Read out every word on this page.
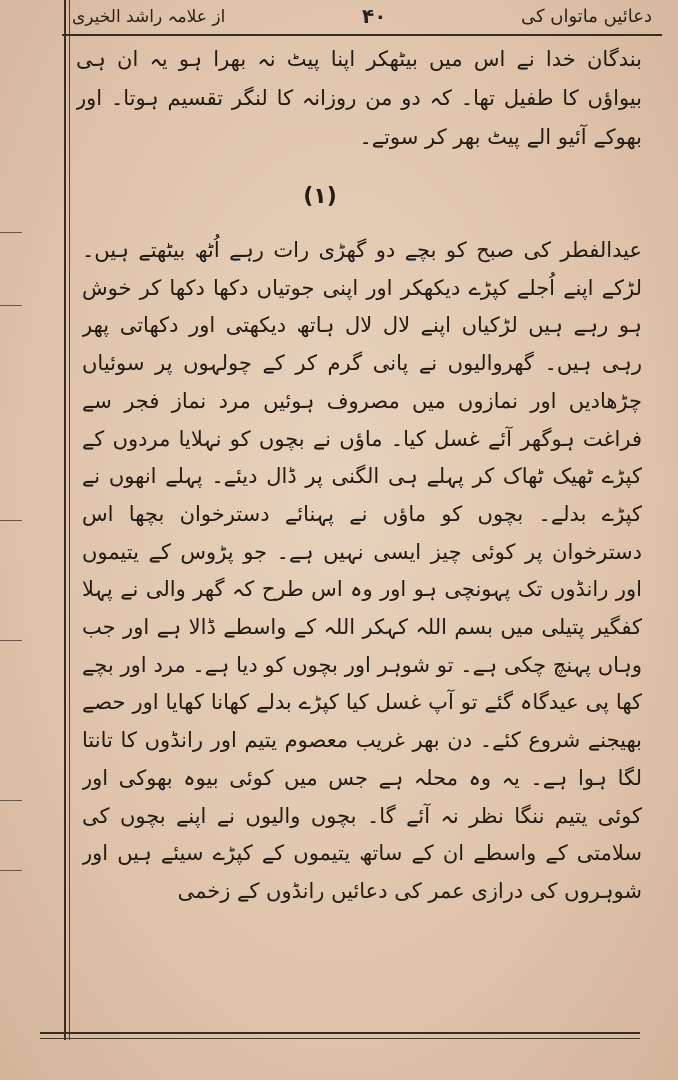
دعائیں ماتواں کی
۴۰
از علامہ راشد الخیری

بندگان خدا نے اس میں بیٹھکر اپنا پیٹ نہ بھرا ہو یہ ان ہی بیواؤں کا طفیل تھا۔ کہ دو من روزانہ کا لنگر تقسیم ہوتا۔ اور بھوکے آئیو الے پیٹ بھر کر سوتے۔

(۱)

عیدالفطر کی صبح کو بچے دو گھڑی رات رہے اُٹھ بیٹھتے ہیں۔ لڑکے اپنے اُجلے کپڑے دیکھکر اور اپنی جوتیاں دکھا دکھا کر خوش ہو رہے ہیں لڑکیاں اپنے لال لال ہاتھ دیکھتی اور دکھاتی پھر رہی ہیں۔ گھروالیوں نے پانی گرم کر کے چولہوں پر سوئیاں چڑھادیں اور نمازوں میں مصروف ہوئیں مرد نماز فجر سے فراغت ہوگھر آئے غسل کیا۔ ماؤں نے بچوں کو نہلایا مردوں کے کپڑے ٹھیک ٹھاک کر پہلے ہی الگنی پر ڈال دیئے۔ پہلے انھوں نے کپڑے بدلے۔ بچوں کو ماؤں نے پہنائے دسترخوان بچھا اس دسترخوان پر کوئی چیز ایسی نہیں ہے۔ جو پڑوس کے یتیموں اور رانڈوں تک پہونچی ہو اور وہ اس طرح کہ گھر والی نے پہلا کفگیر پتیلی میں بسم اللہ کہکر اللہ کے واسطے ڈالا ہے اور جب وہاں پہنچ چکی ہے۔ تو شوہر اور بچوں کو دیا ہے۔ مرد اور بچے کھا پی عیدگاہ گئے تو آپ غسل کیا کپڑے بدلے کھانا کھایا اور حصے بھیجنے شروع کئے۔ دن بھر غریب معصوم یتیم اور رانڈوں کا تانتا لگا ہوا ہے۔ یہ وہ محلہ ہے جس میں کوئی بیوہ بھوکی اور کوئی یتیم ننگا نظر نہ آئے گا۔ بچوں والیوں نے اپنے بچوں کی سلامتی کے واسطے ان کے ساتھ یتیموں کے کپڑے سیئے ہیں اور شوہروں کی درازی عمر کی دعائیں رانڈوں کے زخمی
